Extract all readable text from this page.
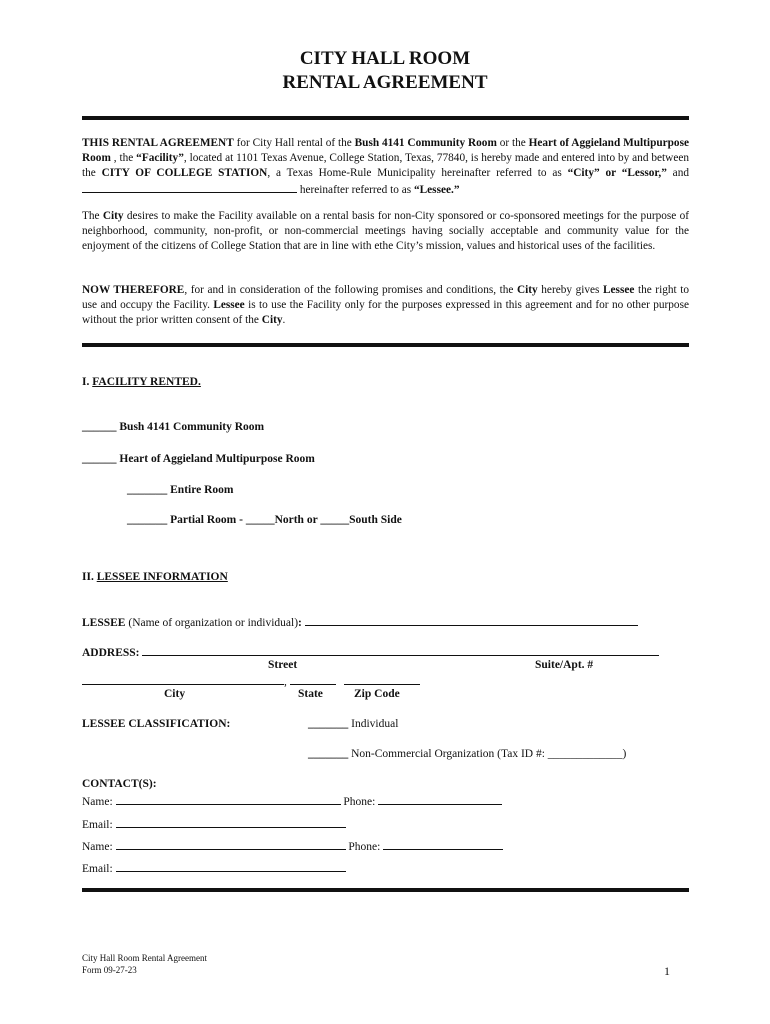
CITY HALL ROOM
RENTAL AGREEMENT
THIS RENTAL AGREEMENT for City Hall rental of the Bush 4141 Community Room or the Heart of Aggieland Multipurpose Room , the “Facility”, located at 1101 Texas Avenue, College Station, Texas, 77840, is hereby made and entered into by and between the CITY OF COLLEGE STATION, a Texas Home-Rule Municipality hereinafter referred to as “City” or “Lessor,” and  hereinafter referred to as “Lessee.”
The City desires to make the Facility available on a rental basis for non-City sponsored or co-sponsored meetings for the purpose of neighborhood, community, non-profit, or non-commercial meetings having socially acceptable and community value for the enjoyment of the citizens of College Station that are in line with ethe City’s mission, values and historical uses of the facilities.
NOW THEREFORE, for and in consideration of the following promises and conditions, the City hereby gives Lessee the right to use and occupy the Facility. Lessee is to use the Facility only for the purposes expressed in this agreement and for no other purpose without the prior written consent of the City.
I. FACILITY RENTED.
______ Bush 4141 Community Room
______ Heart of Aggieland Multipurpose Room
_______ Entire Room
_______ Partial Room - _____North or _____South Side
II. LESSEE INFORMATION
LESSEE (Name of organization or individual):
ADDRESS:
Street	Suite/Apt. #
,
City	State	Zip Code
LESSEE CLASSIFICATION:	_______ Individual
_______ Non-Commercial Organization (Tax ID #: _____________)
CONTACT(S):
Name:	Phone:
Email:
Name:	Phone:
Email:
City Hall Room Rental Agreement
Form 09-27-23	1
